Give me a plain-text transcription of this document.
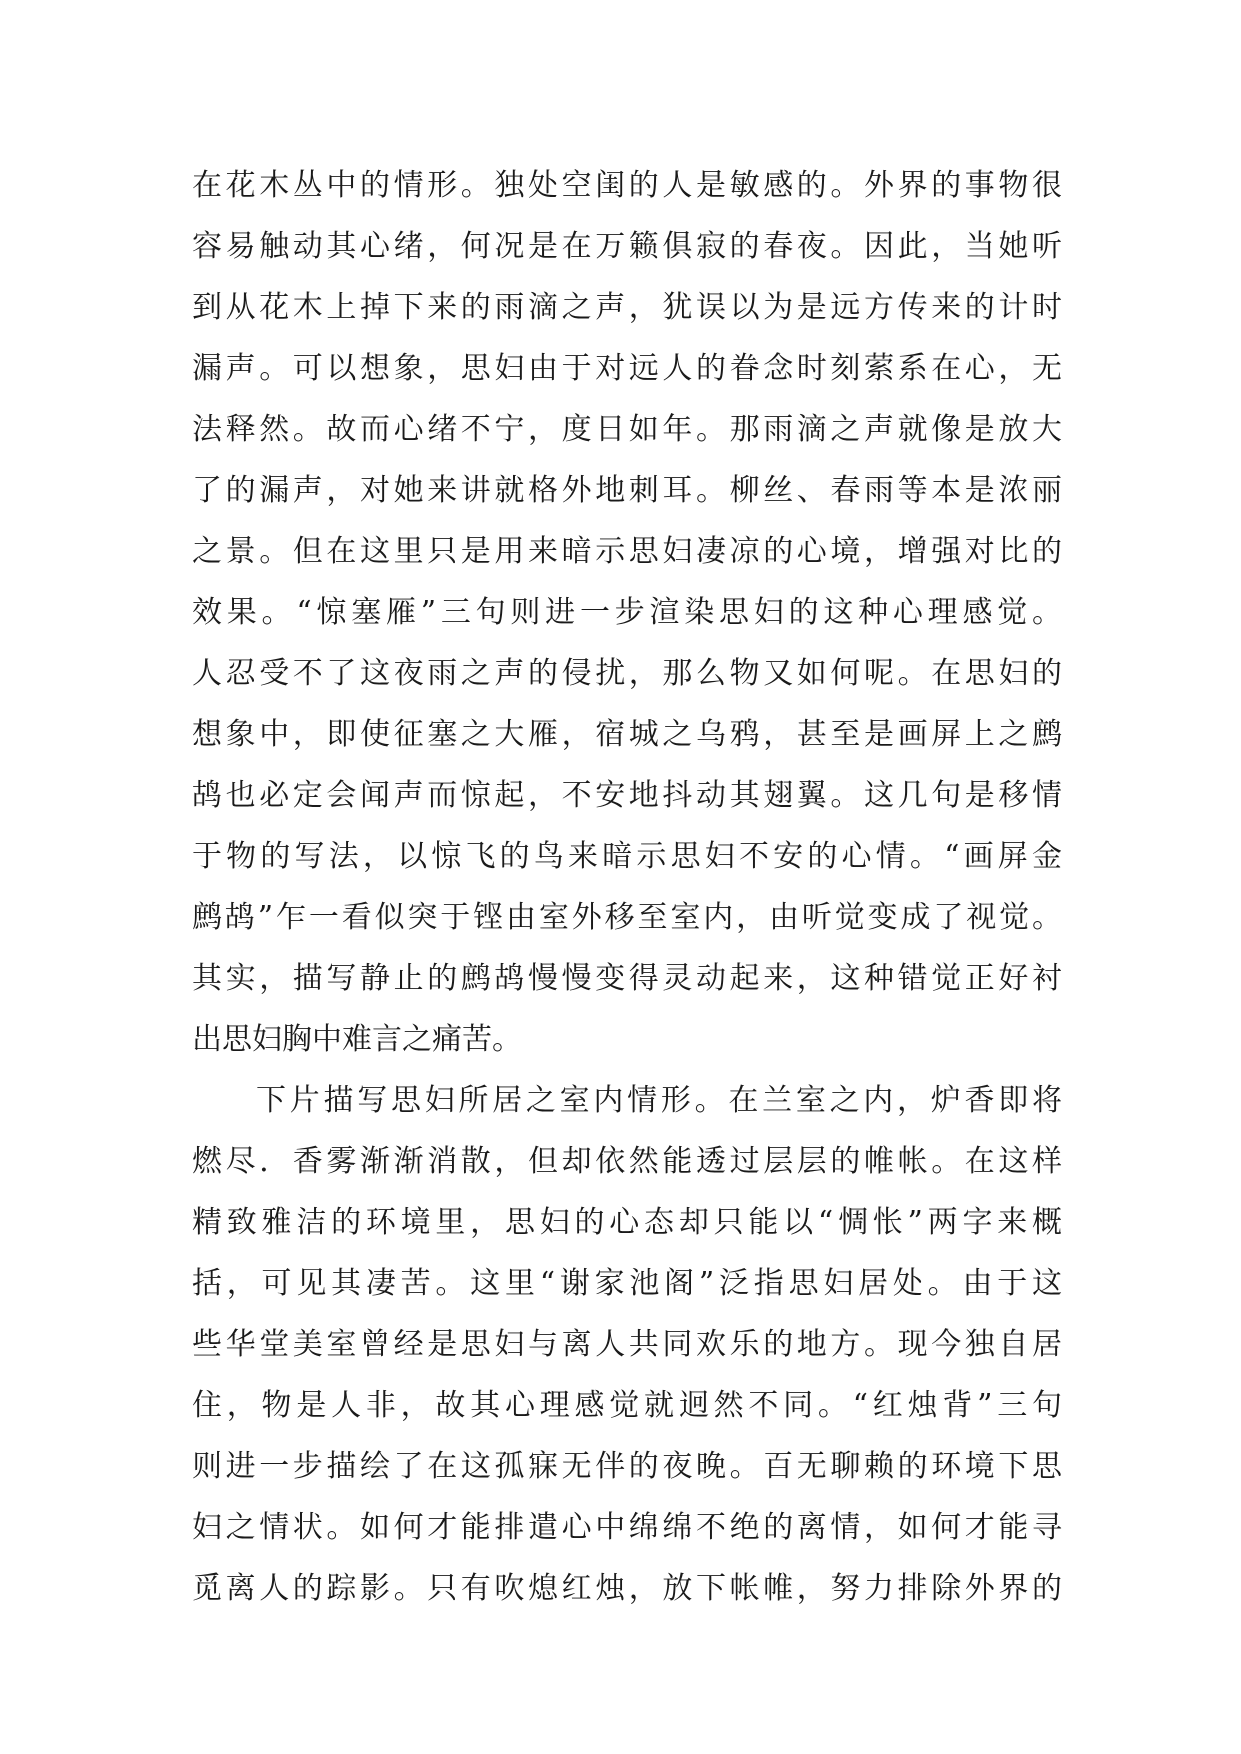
在花木丛中的情形。独处空闺的人是敏感的。外界的事物很
容易触动其心绪，何况是在万籁俱寂的春夜。因此，当她听
到从花木上掉下来的雨滴之声，犹误以为是远方传来的计时
漏声。可以想象，思妇由于对远人的眷念时刻萦系在心，无
法释然。故而心绪不宁，度日如年。那雨滴之声就像是放大
了的漏声，对她来讲就格外地刺耳。柳丝、春雨等本是浓丽
之景。但在这里只是用来暗示思妇凄凉的心境，增强对比的
效果。“惊塞雁”三句则进一步渲染思妇的这种心理感觉。
人忍受不了这夜雨之声的侵扰，那么物又如何呢。在思妇的
想象中，即使征塞之大雁，宿城之乌鸦，甚至是画屏上之鹧
鸪也必定会闻声而惊起，不安地抖动其翅翼。这几句是移情
于物的写法，以惊飞的鸟来暗示思妇不安的心情。“画屏金
鹧鸪”乍一看似突于铿由室外移至室内，由听觉变成了视觉。
其实，描写静止的鹧鸪慢慢变得灵动起来，这种错觉正好衬
出思妇胸中难言之痛苦。
下片描写思妇所居之室内情形。在兰室之内，炉香即将
燃尽．香雾渐渐消散，但却依然能透过层层的帷帐。在这样
精致雅洁的环境里，思妇的心态却只能以“惆怅”两字来概
括，可见其凄苦。这里“谢家池阁”泛指思妇居处。由于这
些华堂美室曾经是思妇与离人共同欢乐的地方。现今独自居
住，物是人非，故其心理感觉就迥然不同。“红烛背”三句
则进一步描绘了在这孤寐无伴的夜晚。百无聊赖的环境下思
妇之情状。如何才能排遣心中绵绵不绝的离情，如何才能寻
觅离人的踪影。只有吹熄红烛，放下帐帷，努力排除外界的
